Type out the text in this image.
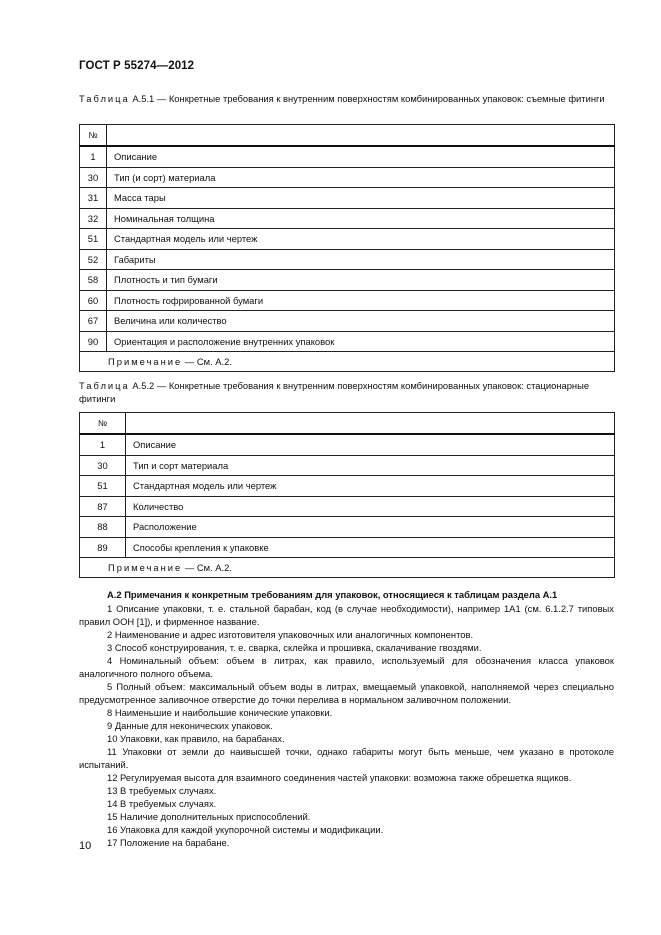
ГОСТ Р 55274—2012
Таблица А.5.1 — Конкретные требования к внутренним поверхностям комбинированных упаковок: съемные фитинги
№	
1	Описание
30	Тип (и сорт) материала
31	Масса тары
32	Номинальная толщина
51	Стандартная модель или чертеж
52	Габариты
58	Плотность и тип бумаги
60	Плотность гофрированной бумаги
67	Величина или количество
90	Ориентация и расположение внутренних упаковок
Примечание — См. А.2.	
Таблица А.5.2 — Конкретные требования к внутренним поверхностям комбинированных упаковок: стационарные фитинги
№	
1	Описание
30	Тип и сорт материала
51	Стандартная модель или чертеж
87	Количество
88	Расположение
89	Способы крепления к упаковке
Примечание — См. А.2.	

А.2 Примечания к конкретным требованиям для упаковок, относящиеся к таблицам раздела А.1

1 Описание упаковки, т. е. стальной барабан, код (в случае необходимости), например 1А1 (см. 6.1.2.7 типовых правил ООН [1]), и фирменное название.

2 Наименование и адрес изготовителя упаковочных или аналогичных компонентов.

3 Способ конструирования, т. е. сварка, склейка и прошивка, скалачивание гвоздями.

4 Номинальный объем: объем в литрах, как правило, используемый для обозначения класса упаковок аналогичного полного объема.

5 Полный объем: максимальный объем воды в литрах, вмещаемый упаковкой, наполняемой через специально предусмотренное заливочное отверстие до точки перелива в нормальном заливочном положении.

8 Наименьшие и наибольшие конические упаковки.

9 Данные для неконических упаковок.

10 Упаковки, как правило, на барабанах.

11 Упаковки от земли до наивысшей точки, однако габариты могут быть меньше, чем указано в протоколе испытаний.

12 Регулируемая высота для взаимного соединения частей упаковки: возможна также обрешетка ящиков.

13 В требуемых случаях.

14 В требуемых случаях.

15 Наличие дополнительных приспособлений.

16 Упаковка для каждой укупорочной системы и модификации.

17 Положение на барабане.

10
